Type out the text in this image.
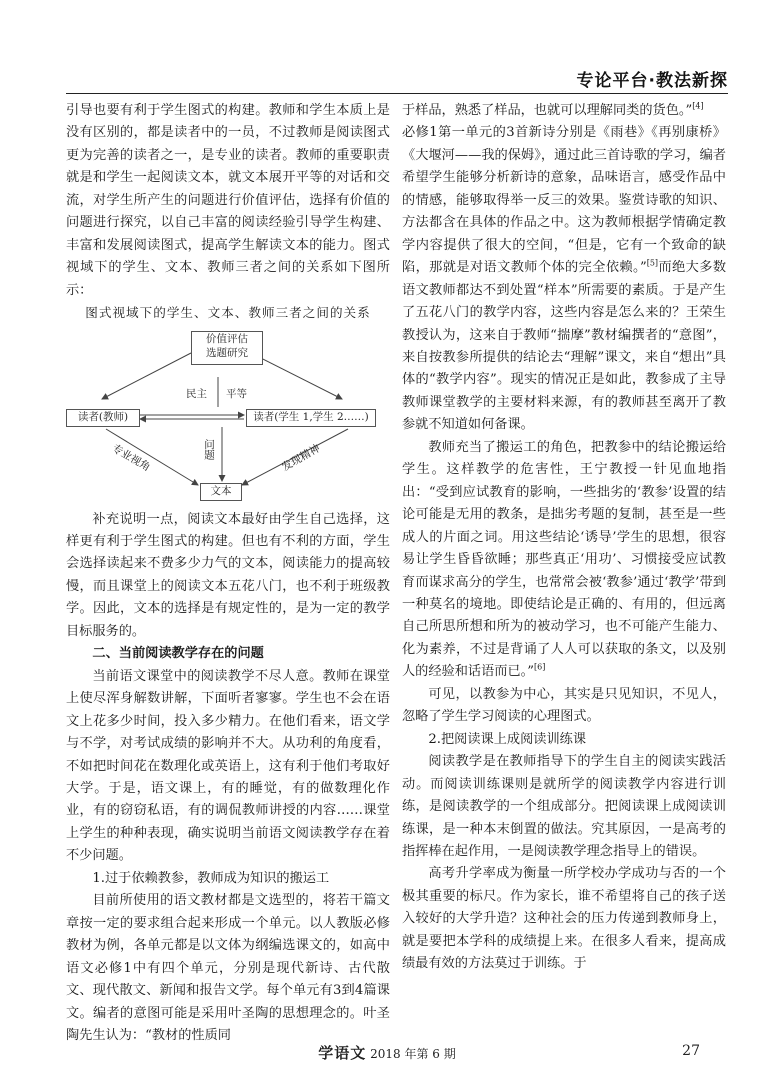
专论平台·教法新探

引导也要有利于学生图式的构建。教师和学生本质上是没有区别的，都是读者中的一员，不过教师是阅读图式更为完善的读者之一，是专业的读者。教师的重要职责就是和学生一起阅读文本，就文本展开平等的对话和交流，对学生所产生的问题进行价值评估，选择有价值的问题进行探究，以自己丰富的阅读经验引导学生构建、丰富和发展阅读图式，提高学生解读文本的能力。图式视域下的学生、文本、教师三者之间的关系如下图所示：

图式视域下的学生、文本、教师三者之间的关系

价值评估
选题研究
读者(教师)	读者(学生 1,学生 2……)
文本
民主 平等
问题
专业视角	发现精神

补充说明一点，阅读文本最好由学生自己选择，这样更有利于学生图式的构建。但也有不利的方面，学生会选择读起来不费多少力气的文本，阅读能力的提高较慢，而且课堂上的阅读文本五花八门，也不利于班级教学。因此，文本的选择是有规定性的，是为一定的教学目标服务的。

二、当前阅读教学存在的问题

当前语文课堂中的阅读教学不尽人意。教师在课堂上使尽浑身解数讲解，下面听者寥寥。学生也不会在语文上花多少时间，投入多少精力。在他们看来，语文学与不学，对考试成绩的影响并不大。从功利的角度看，不如把时间花在数理化或英语上，这有利于他们考取好大学。于是，语文课上，有的睡觉，有的做数理化作业，有的窃窃私语，有的调侃教师讲授的内容……课堂上学生的种种表现，确实说明当前语文阅读教学存在着不少问题。

1.过于依赖教参，教师成为知识的搬运工

目前所使用的语文教材都是文选型的，将若干篇文章按一定的要求组合起来形成一个单元。以人教版必修教材为例，各单元都是以文体为纲编选课文的，如高中语文必修1中有四个单元，分别是现代新诗、古代散文、现代散文、新闻和报告文学。每个单元有3到4篇课文。编者的意图可能是采用叶圣陶的思想理念的。叶圣陶先生认为：“教材的性质同

于样品，熟悉了样品，也就可以理解同类的货色。”[4]
必修1第一单元的3首新诗分别是《雨巷》《再别康桥》《大堰河——我的保姆》，通过此三首诗歌的学习，编者希望学生能够分析新诗的意象，品味语言，感受作品中的情感，能够取得举一反三的效果。鉴赏诗歌的知识、方法都含在具体的作品之中。这为教师根据学情确定教学内容提供了很大的空间，“但是，它有一个致命的缺陷，那就是对语文教师个体的完全依赖。”[5]而绝大多数语文教师都达不到处置“样本”所需要的素质。于是产生了五花八门的教学内容，这些内容是怎么来的？王荣生教授认为，这来自于教师“揣摩”教材编撰者的“意图”，来自按教参所提供的结论去“理解”课文，来自“想出”具体的“教学内容”。现实的情况正是如此，教参成了主导教师课堂教学的主要材料来源，有的教师甚至离开了教参就不知道如何备课。

教师充当了搬运工的角色，把教参中的结论搬运给学生。这样教学的危害性，王宁教授一针见血地指出：“受到应试教育的影响，一些拙劣的‘教参’设置的结论可能是无用的教条，是拙劣考题的复制，甚至是一些成人的片面之词。用这些结论‘诱导’学生的思想，很容易让学生昏昏欲睡；那些真正‘用功’、习惯接受应试教育而谋求高分的学生，也常常会被‘教参’通过‘教学’带到一种莫名的境地。即使结论是正确的、有用的，但远离自己所思所想和所为的被动学习，也不可能产生能力、化为素养，不过是背诵了人人可以获取的条文，以及别人的经验和话语而已。”[6]

可见，以教参为中心，其实是只见知识，不见人，忽略了学生学习阅读的心理图式。

2.把阅读课上成阅读训练课

阅读教学是在教师指导下的学生自主的阅读实践活动。而阅读训练课则是就所学的阅读教学内容进行训练，是阅读教学的一个组成部分。把阅读课上成阅读训练课，是一种本末倒置的做法。究其原因，一是高考的指挥棒在起作用，一是阅读教学理念指导上的错误。

高考升学率成为衡量一所学校办学成功与否的一个极其重要的标尺。作为家长，谁不希望将自己的孩子送入较好的大学升造？这种社会的压力传递到教师身上，就是要把本学科的成绩提上来。在很多人看来，提高成绩最有效的方法莫过于训练。于

学语文 2018 年第 6 期	27
